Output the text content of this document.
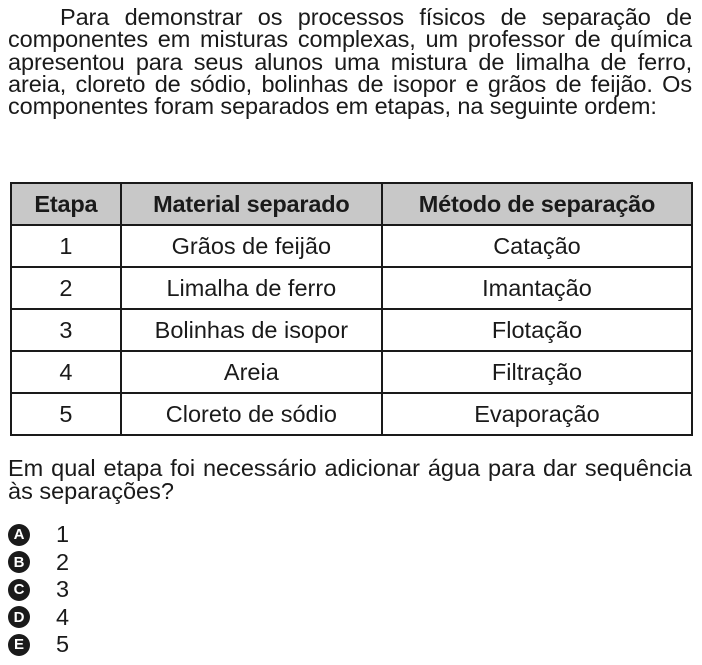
Para demonstrar os processos físicos de separação de componentes em misturas complexas, um professor de química apresentou para seus alunos uma mistura de limalha de ferro, areia, cloreto de sódio, bolinhas de isopor e grãos de feijão. Os componentes foram separados em etapas, na seguinte ordem:

Etapa	Material separado	Método de separação
1	Grãos de feijão	Catação
2	Limalha de ferro	Imantação
3	Bolinhas de isopor	Flotação
4	Areia	Filtração
5	Cloreto de sódio	Evaporação

Em qual etapa foi necessário adicionar água para dar sequência às separações?

A 1
B 2
C 3
D 4
E 5
